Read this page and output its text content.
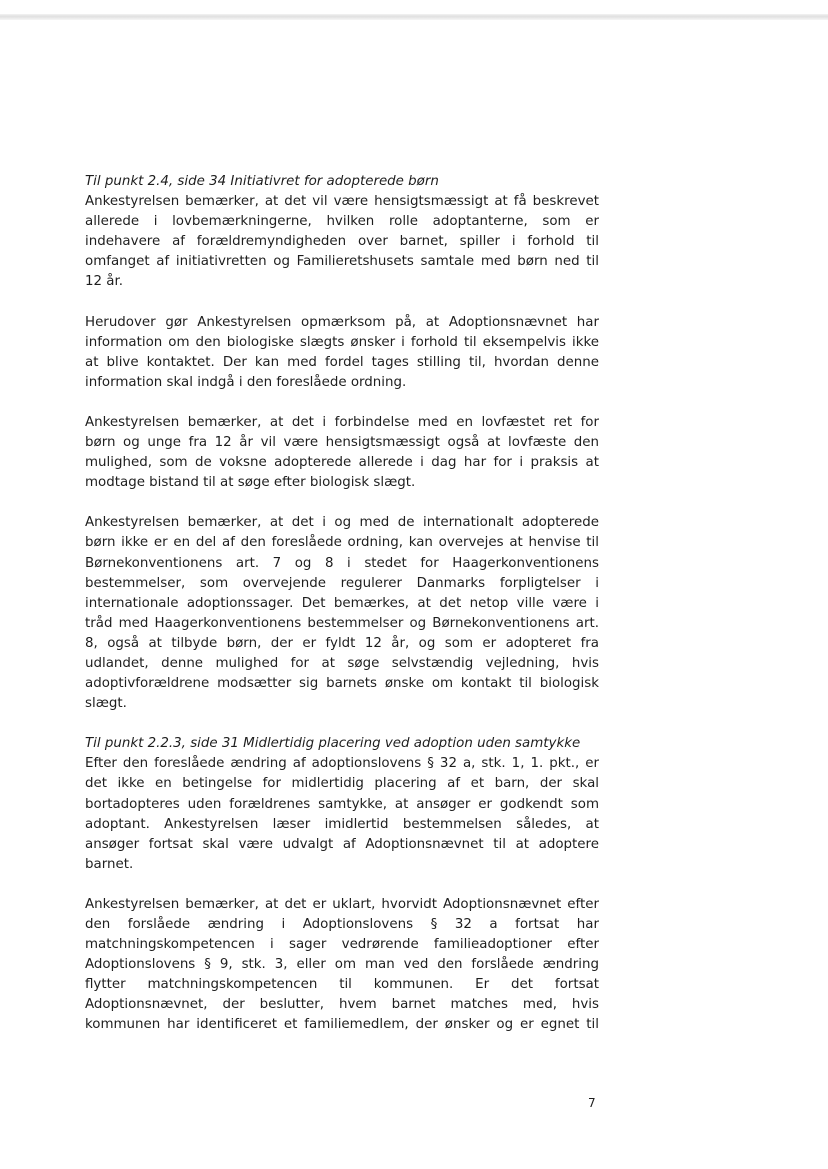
Til punkt 2.4, side 34 Initiativret for adopterede børn

Ankestyrelsen bemærker, at det vil være hensigtsmæssigt at få beskrevet
allerede i lovbemærkningerne, hvilken rolle adoptanterne, som er
indehavere af forældremyndigheden over barnet, spiller i forhold til
omfanget af initiativretten og Familieretshusets samtale med børn ned til
12 år.

Herudover gør Ankestyrelsen opmærksom på, at Adoptionsnævnet har
information om den biologiske slægts ønsker i forhold til eksempelvis ikke
at blive kontaktet. Der kan med fordel tages stilling til, hvordan denne
information skal indgå i den foreslåede ordning.

Ankestyrelsen bemærker, at det i forbindelse med en lovfæstet ret for
børn og unge fra 12 år vil være hensigtsmæssigt også at lovfæste den
mulighed, som de voksne adopterede allerede i dag har for i praksis at
modtage bistand til at søge efter biologisk slægt.

Ankestyrelsen bemærker, at det i og med de internationalt adopterede
børn ikke er en del af den foreslåede ordning, kan overvejes at henvise til
Børnekonventionens art. 7 og 8 i stedet for Haagerkonventionens
bestemmelser, som overvejende regulerer Danmarks forpligtelser i
internationale adoptionssager. Det bemærkes, at det netop ville være i
tråd med Haagerkonventionens bestemmelser og Børnekonventionens art.
8, også at tilbyde børn, der er fyldt 12 år, og som er adopteret fra
udlandet, denne mulighed for at søge selvstændig vejledning, hvis
adoptivforældrene modsætter sig barnets ønske om kontakt til biologisk
slægt.

Til punkt 2.2.3, side 31 Midlertidig placering ved adoption uden samtykke

Efter den foreslåede ændring af adoptionslovens § 32 a, stk. 1, 1. pkt., er
det ikke en betingelse for midlertidig placering af et barn, der skal
bortadopteres uden forældrenes samtykke, at ansøger er godkendt som
adoptant. Ankestyrelsen læser imidlertid bestemmelsen således, at
ansøger fortsat skal være udvalgt af Adoptionsnævnet til at adoptere
barnet.

Ankestyrelsen bemærker, at det er uklart, hvorvidt Adoptionsnævnet efter
den forslåede ændring i Adoptionslovens § 32 a fortsat har
matchningskompetencen i sager vedrørende familieadoptioner efter
Adoptionslovens § 9, stk. 3, eller om man ved den forslåede ændring
flytter matchningskompetencen til kommunen. Er det fortsat
Adoptionsnævnet, der beslutter, hvem barnet matches med, hvis
kommunen har identificeret et familiemedlem, der ønsker og er egnet til

7
